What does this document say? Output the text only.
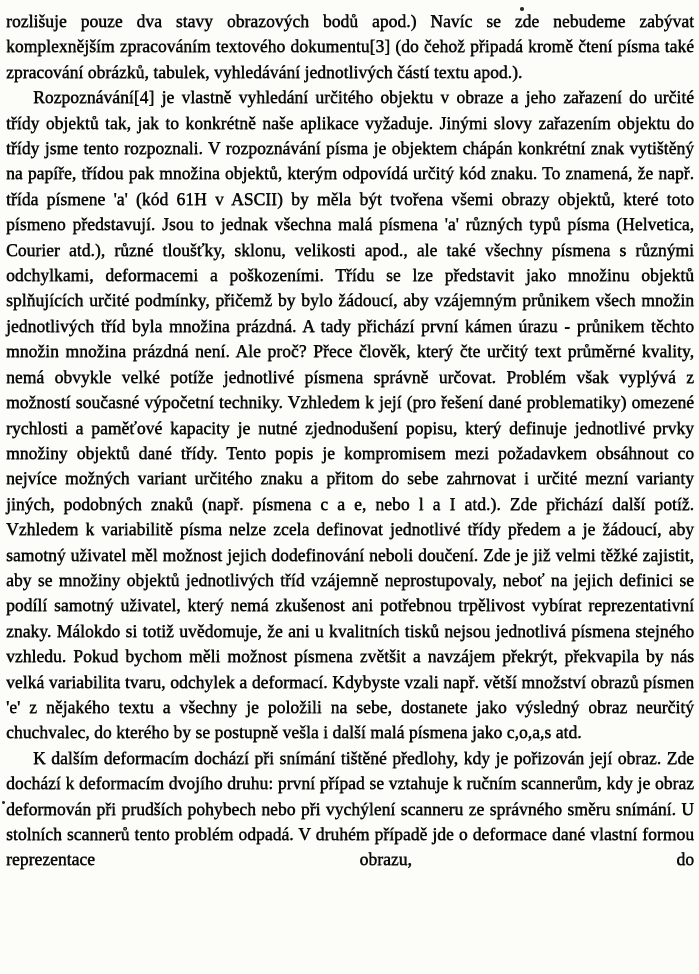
rozlišuje pouze dva stavy obrazových bodů apod.) Navíc se zde nebudeme zabývat komplexnějším zpracováním textového dokumentu[3] (do čehož připadá kromě čtení písma také zpracování obrázků, tabulek, vyhledávání jednotlivých částí textu apod.).

Rozpoznávání[4] je vlastně vyhledání určitého objektu v obraze a jeho zařazení do určité třídy objektů tak, jak to konkrétně naše aplikace vyžaduje. Jinými slovy zařazením objektu do třídy jsme tento rozpoznali. V rozpoznávání písma je objektem chápán konkrétní znak vytištěný na papíře, třídou pak množina objektů, kterým odpovídá určitý kód znaku. To znamená, že např. třída písmene 'a' (kód 61H v ASCII) by měla být tvořena všemi obrazy objektů, které toto písmeno představují. Jsou to jednak všechna malá písmena 'a' různých typů písma (Helvetica, Courier atd.), různé tloušťky, sklonu, velikosti apod., ale také všechny písmena s různými odchylkami, deformacemi a poškozeními. Třídu se lze představit jako množinu objektů splňujících určité podmínky, přičemž by bylo žádoucí, aby vzájemným průnikem všech množin jednotlivých tříd byla množina prázdná. A tady přichází první kámen úrazu - průnikem těchto množin množina prázdná není. Ale proč? Přece člověk, který čte určitý text průměrné kvality, nemá obvykle velké potíže jednotlivé písmena správně určovat. Problém však vyplývá z možností současné výpočetní techniky. Vzhledem k její (pro řešení dané problematiky) omezené rychlosti a paměťové kapacity je nutné zjednodušení popisu, který definuje jednotlivé prvky množiny objektů dané třídy. Tento popis je kompromisem mezi požadavkem obsáhnout co nejvíce možných variant určitého znaku a přitom do sebe zahrnovat i určité mezní varianty jiných, podobných znaků (např. písmena c a e, nebo l a I atd.). Zde přichází další potíž. Vzhledem k variabilitě písma nelze zcela definovat jednotlivé třídy předem a je žádoucí, aby samotný uživatel měl možnost jejich dodefinování neboli doučení. Zde je již velmi těžké zajistit, aby se množiny objektů jednotlivých tříd vzájemně neprostupovaly, neboť na jejich definici se podílí samotný uživatel, který nemá zkušenost ani potřebnou trpělivost vybírat reprezentativní znaky. Málokdo si totiž uvědomuje, že ani u kvalitních tisků nejsou jednotlivá písmena stejného vzhledu. Pokud bychom měli možnost písmena zvětšit a navzájem překrýt, překvapila by nás velká variabilita tvaru, odchylek a deformací. Kdybyste vzali např. větší množství obrazů písmen 'e' z nějakého textu a všechny je položili na sebe, dostanete jako výsledný obraz neurčitý chuchvalec, do kterého by se postupně vešla i další malá písmena jako c,o,a,s atd.

K dalším deformacím dochází při snímání tištěné předlohy, kdy je pořizován její obraz. Zde dochází k deformacím dvojího druhu: první případ se vztahuje k ručním scannerům, kdy je obraz deformován při prudších pohybech nebo při vychýlení scanneru ze správného směru snímání. U stolních scannerů tento problém odpadá. V druhém případě jde o deformace dané vlastní formou reprezentace obrazu, do
